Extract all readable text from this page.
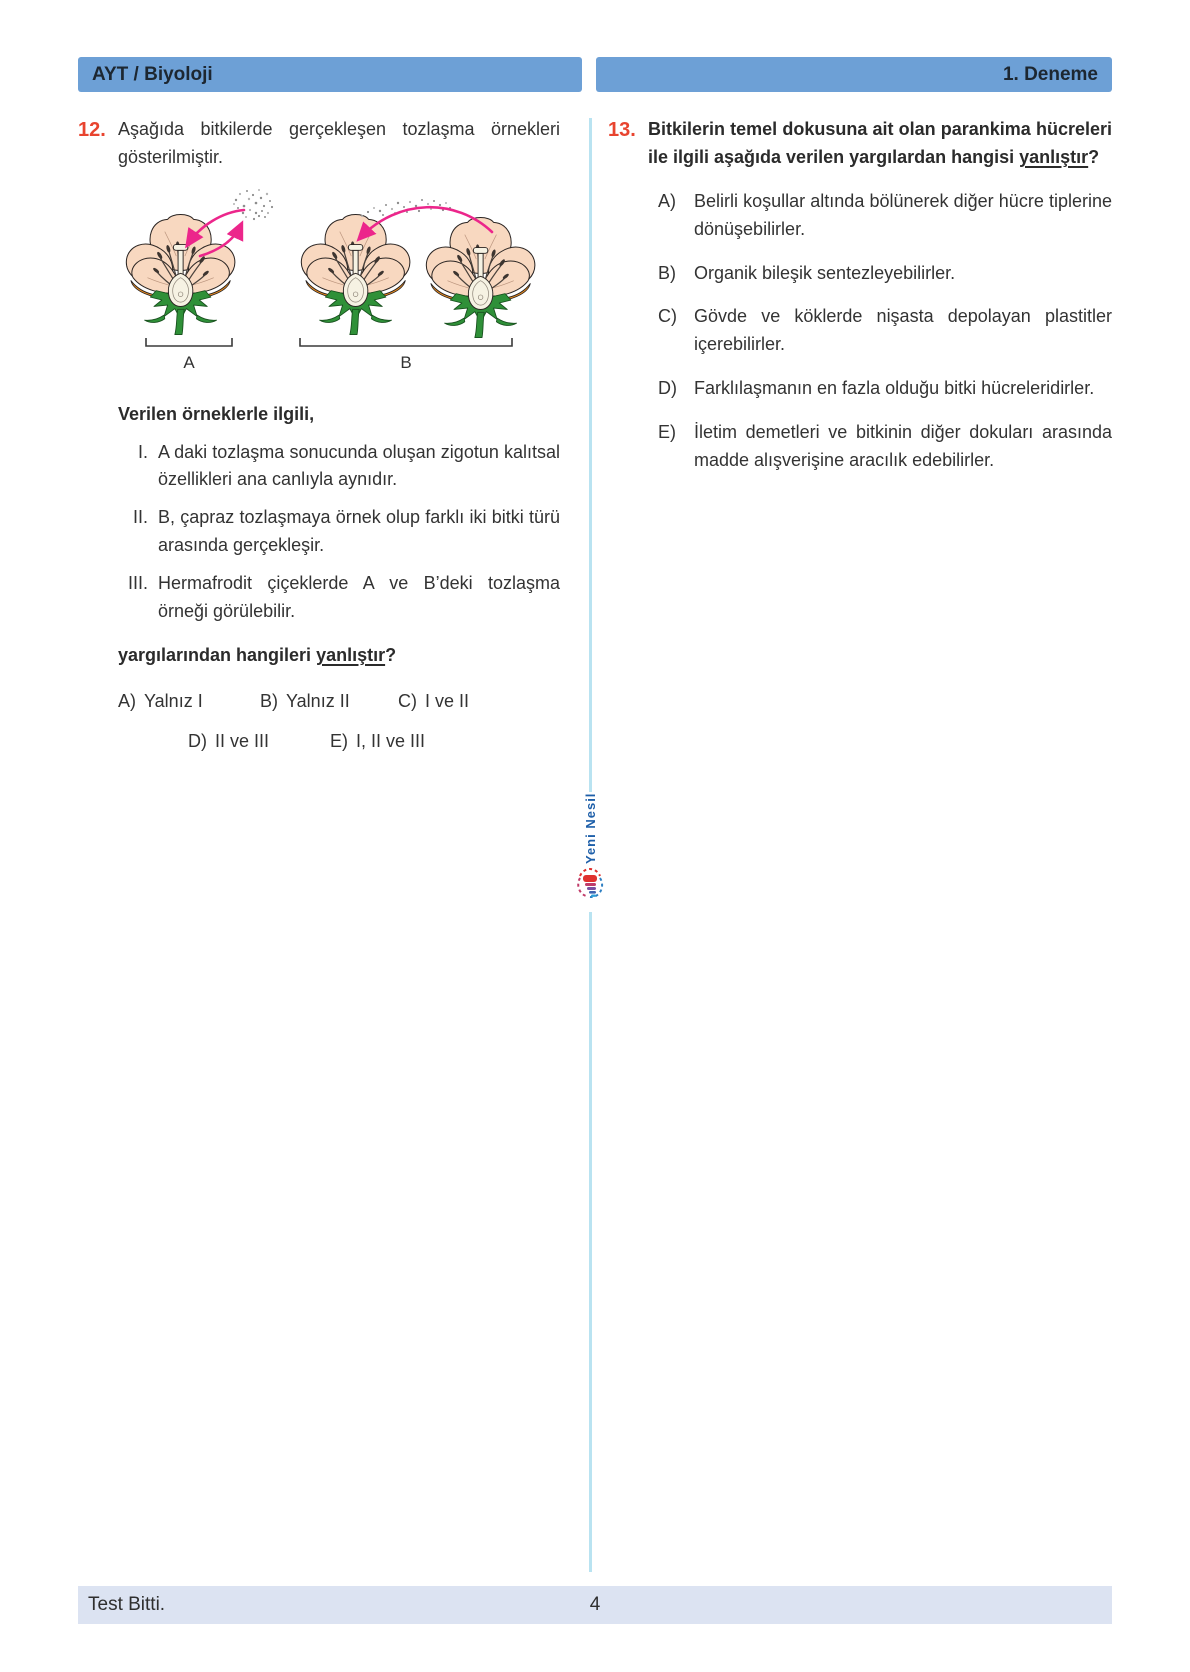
AYT / Biyoloji	1. Deneme
12. Aşağıda bitkilerde gerçekleşen tozlaşma örnekleri gösterilmiştir.
A	B
Verilen örneklerle ilgili,
I. A daki tozlaşma sonucunda oluşan zigotun kalıtsal özellikleri ana canlıyla aynıdır.
II. B, çapraz tozlaşmaya örnek olup farklı iki bitki türü arasında gerçekleşir.
III. Hermafrodit çiçeklerde A ve B’deki tozlaşma örneği görülebilir.
yargılarından hangileri yanlıştır?
A) Yalnız I	B) Yalnız II	C) I ve II
D) II ve III	E) I, II ve III
13. Bitkilerin temel dokusuna ait olan parankima hücreleri ile ilgili aşağıda verilen yargılardan hangisi yanlıştır?
A)	Belirli koşullar altında bölünerek diğer hücre tiplerine dönüşebilirler.
B)	Organik bileşik sentezleyebilirler.
C) Gövde ve köklerde nişasta depolayan plastitler içerebilirler.
D) Farklılaşmanın en fazla olduğu bitki hücreleridirler.
E)	İletim demetleri ve bitkinin diğer dokuları arasında madde alışverişine aracılık edebilirler.
Yeni Nesil
Test Bitti.	4
